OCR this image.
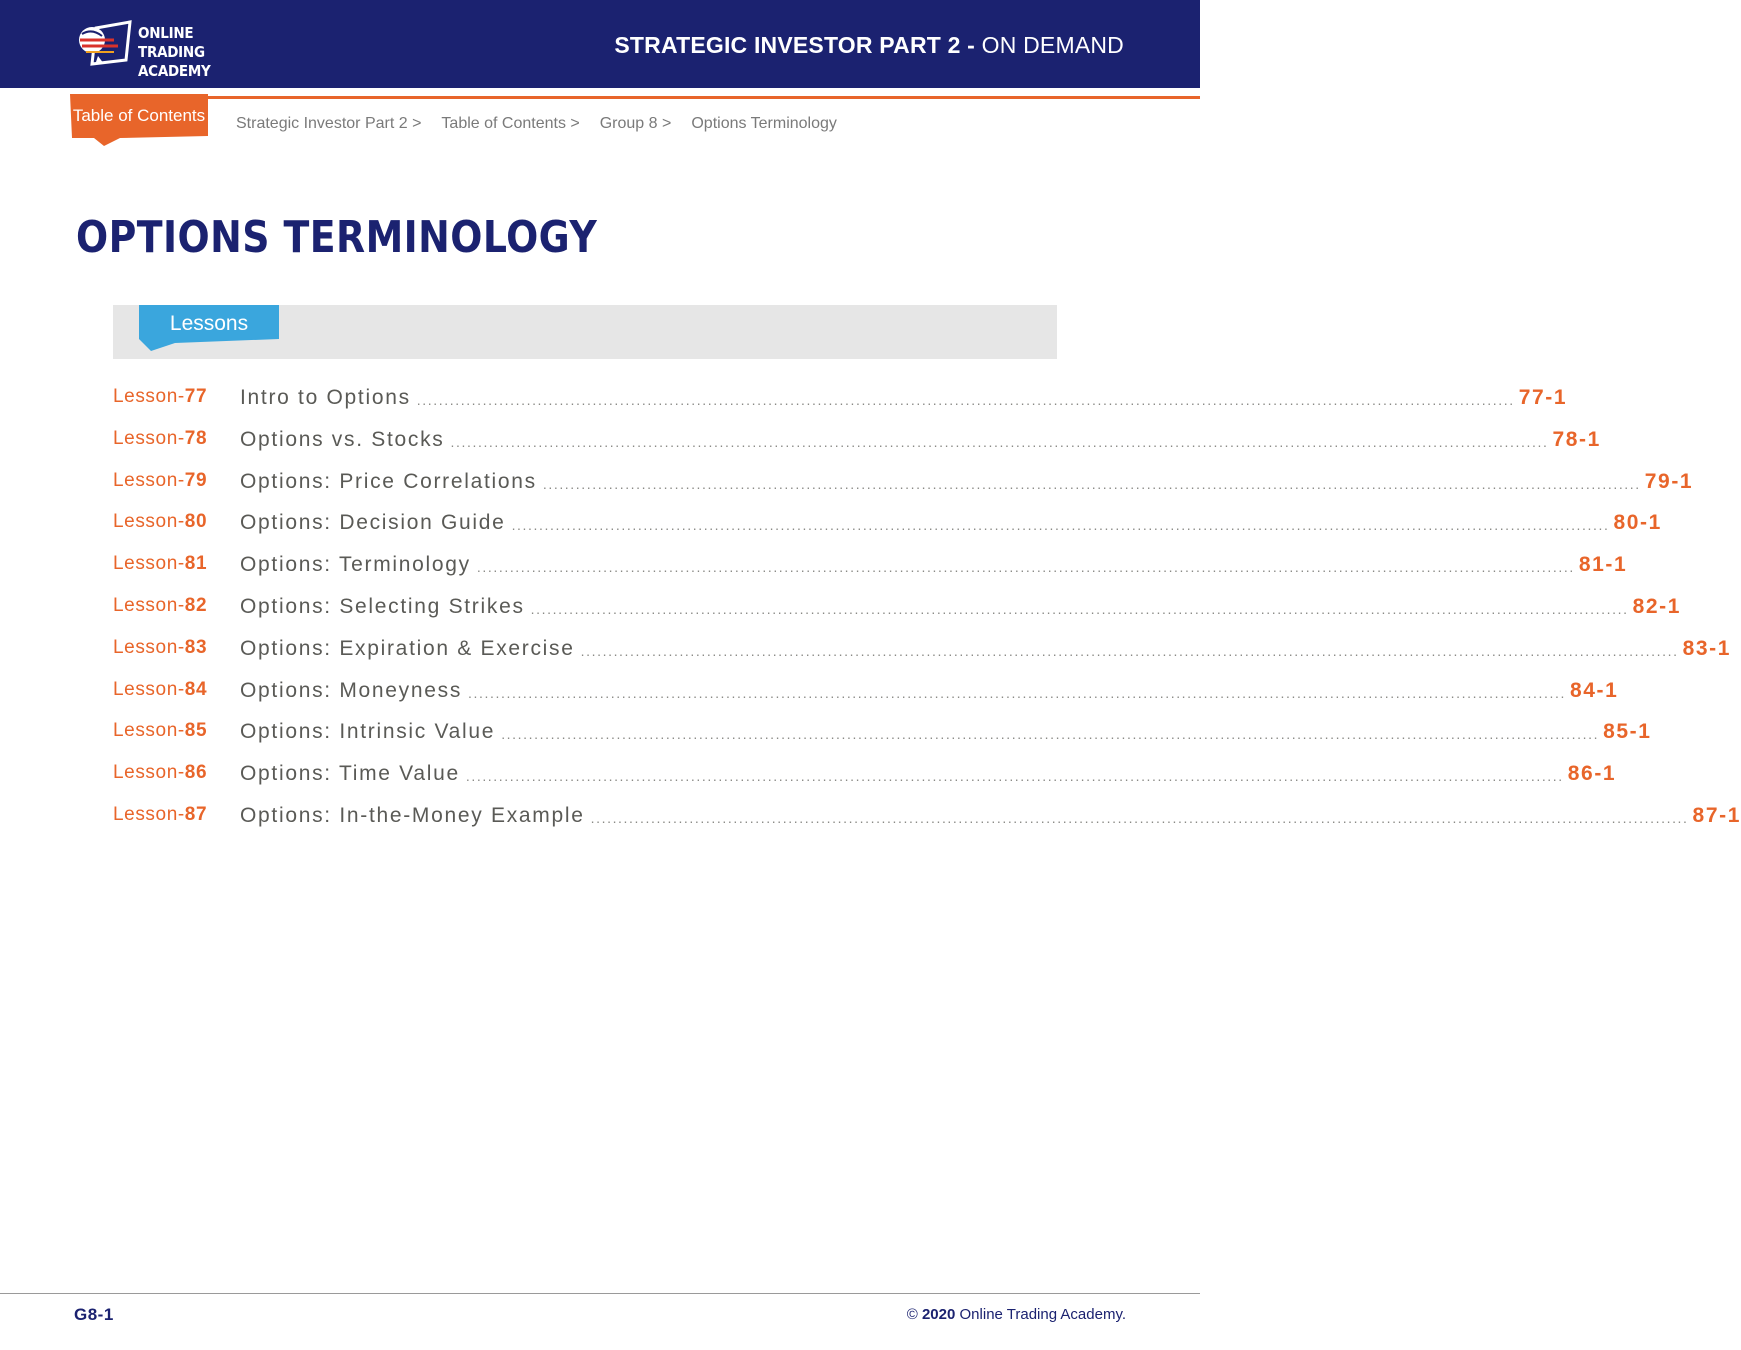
ONLINE TRADING
ACADEMY
STRATEGIC INVESTOR PART 2 - ON DEMAND
Table of Contents Strategic Investor Part 2 > Table of Contents > Group 8 > Options Terminology
OPTIONS TERMINOLOGY
Lessons
Lesson-77	Intro to Options ........................................................................................................................................................................................................ 77-1
Lesson-78	Options vs. Stocks ........................................................................................................................................................................................................ 78-1
Lesson-79	Options: Price Correlations ........................................................................................................................................................................................................ 79-1
Lesson-80	Options: Decision Guide ........................................................................................................................................................................................................ 80-1
Lesson-81	Options: Terminology ........................................................................................................................................................................................................ 81-1
Lesson-82	Options: Selecting Strikes ........................................................................................................................................................................................................ 82-1
Lesson-83	Options: Expiration & Exercise ........................................................................................................................................................................................................ 83-1
Lesson-84	Options: Moneyness ........................................................................................................................................................................................................ 84-1
Lesson-85	Options: Intrinsic Value ........................................................................................................................................................................................................ 85-1
Lesson-86	Options: Time Value ........................................................................................................................................................................................................ 86-1
Lesson-87	Options: In-the-Money Example ........................................................................................................................................................................................................ 87-1
G8-1	© 2020 Online Trading Academy.
